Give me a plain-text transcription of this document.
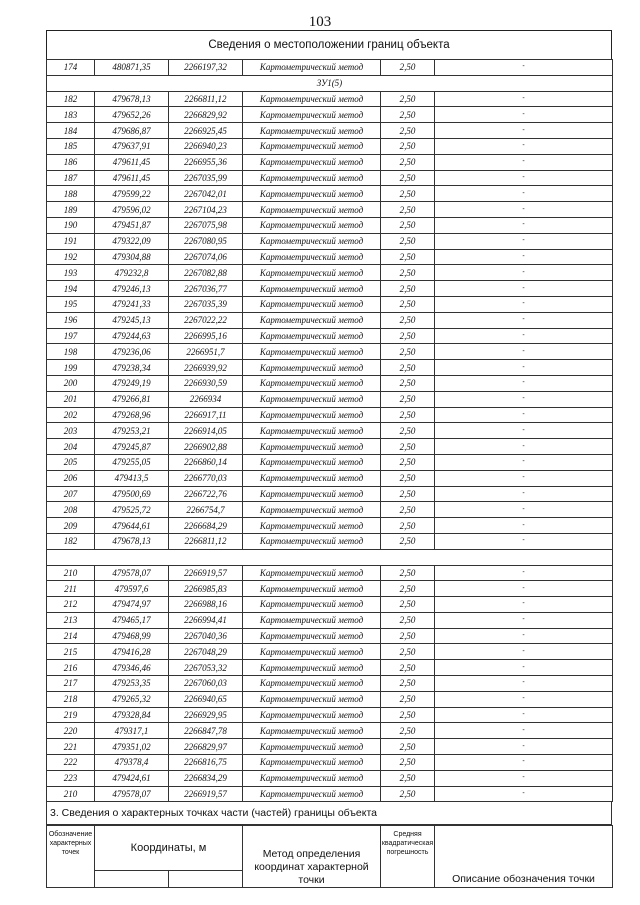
103
Сведения о местоположении границ объекта
174	480871,35	2266197,32	Картометрический метод	2,50	-
ЗУ1(5)					
182	479678,13	2266811,12	Картометрический метод	2,50	-
183	479652,26	2266829,92	Картометрический метод	2,50	-
184	479686,87	2266925,45	Картометрический метод	2,50	-
185	479637,91	2266940,23	Картометрический метод	2,50	-
186	479611,45	2266955,36	Картометрический метод	2,50	-
187	479611,45	2267035,99	Картометрический метод	2,50	-
188	479599,22	2267042,01	Картометрический метод	2,50	-
189	479596,02	2267104,23	Картометрический метод	2,50	-
190	479451,87	2267075,98	Картометрический метод	2,50	-
191	479322,09	2267080,95	Картометрический метод	2,50	-
192	479304,88	2267074,06	Картометрический метод	2,50	-
193	479232,8	2267082,88	Картометрический метод	2,50	-
194	479246,13	2267036,77	Картометрический метод	2,50	-
195	479241,33	2267035,39	Картометрический метод	2,50	-
196	479245,13	2267022,22	Картометрический метод	2,50	-
197	479244,63	2266995,16	Картометрический метод	2,50	-
198	479236,06	2266951,7	Картометрический метод	2,50	-
199	479238,34	2266939,92	Картометрический метод	2,50	-
200	479249,19	2266930,59	Картометрический метод	2,50	-
201	479266,81	2266934	Картометрический метод	2,50	-
202	479268,96	2266917,11	Картометрический метод	2,50	-
203	479253,21	2266914,05	Картометрический метод	2,50	-
204	479245,87	2266902,88	Картометрический метод	2,50	-
205	479255,05	2266860,14	Картометрический метод	2,50	-
206	479413,5	2266770,03	Картометрический метод	2,50	-
207	479500,69	2266722,76	Картометрический метод	2,50	-
208	479525,72	2266754,7	Картометрический метод	2,50	-
209	479644,61	2266684,29	Картометрический метод	2,50	-
182	479678,13	2266811,12	Картометрический метод	2,50	-

210	479578,07	2266919,57	Картометрический метод	2,50	-
211	479597,6	2266985,83	Картометрический метод	2,50	-
212	479474,97	2266988,16	Картометрический метод	2,50	-
213	479465,17	2266994,41	Картометрический метод	2,50	-
214	479468,99	2267040,36	Картометрический метод	2,50	-
215	479416,28	2267048,29	Картометрический метод	2,50	-
216	479346,46	2267053,32	Картометрический метод	2,50	-
217	479253,35	2267060,03	Картометрический метод	2,50	-
218	479265,32	2266940,65	Картометрический метод	2,50	-
219	479328,84	2266929,95	Картометрический метод	2,50	-
220	479317,1	2266847,78	Картометрический метод	2,50	-
221	479351,02	2266829,97	Картометрический метод	2,50	-
222	479378,4	2266816,75	Картометрический метод	2,50	-
223	479424,61	2266834,29	Картометрический метод	2,50	-
210	479578,07	2266919,57	Картометрический метод	2,50	-
3. Сведения о характерных точках части (частей) границы объекта
Обозначение характерных точек	Координаты, м		Метод определения координат характерной точки	Средняя квадратическая погрешность	Описание обозначения точки
